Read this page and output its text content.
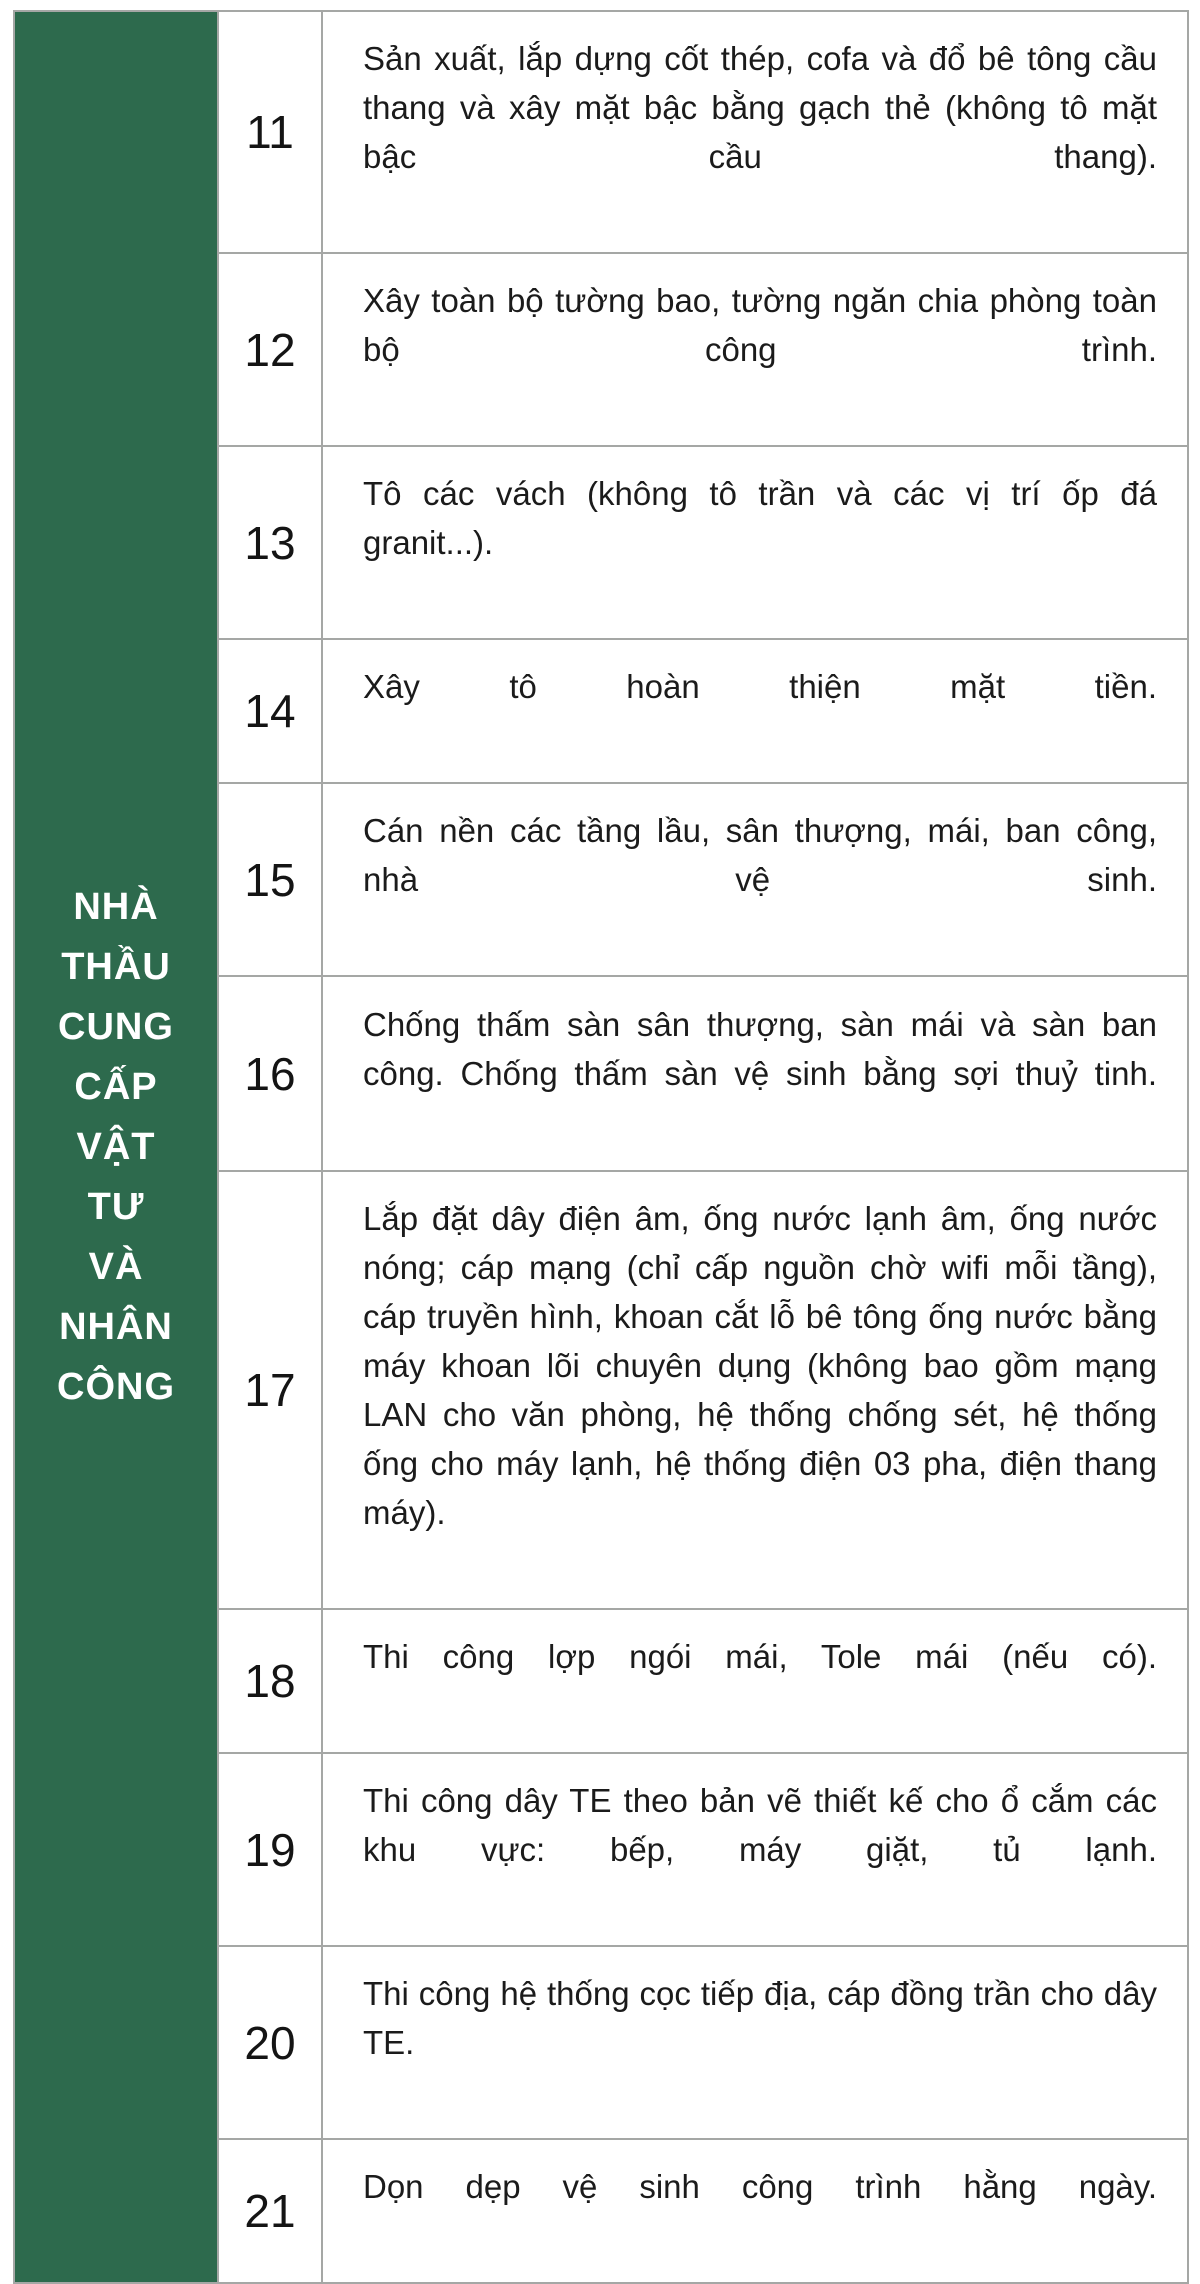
NHÀ
THẦU
CUNG
CẤP
VẬT
TƯ
VÀ
NHÂN
CÔNG
	11	Sản xuất, lắp dựng cốt thép, cofa và đổ bê tông cầu thang và xây mặt bậc bằng gạch thẻ (không tô mặt bậc cầu thang).
	12	Xây toàn bộ tường bao, tường ngăn chia phòng toàn bộ công trình.
	13	Tô các vách (không tô trần và các vị trí ốp đá granit...).
	14	Xây tô hoàn thiện mặt tiền.
	15	Cán nền các tầng lầu, sân thượng, mái, ban công, nhà vệ sinh.
	16	Chống thấm sàn sân thượng, sàn mái và sàn ban công. Chống thấm sàn vệ sinh bằng sợi thuỷ tinh.
	17	Lắp đặt dây điện âm, ống nước lạnh âm, ống nước nóng; cáp mạng (chỉ cấp nguồn chờ wifi mỗi tầng), cáp truyền hình, khoan cắt lỗ bê tông ống nước bằng máy khoan lõi chuyên dụng (không bao gồm mạng LAN cho văn phòng, hệ thống chống sét, hệ thống ống cho máy lạnh, hệ thống điện 03 pha, điện thang máy).
	18	Thi công lợp ngói mái, Tole mái (nếu có).
	19	Thi công dây TE theo bản vẽ thiết kế cho ổ cắm các khu vực: bếp, máy giặt, tủ lạnh.
	20	Thi công hệ thống cọc tiếp địa, cáp đồng trần cho dây TE.
	21	Dọn dẹp vệ sinh công trình hằng ngày.
